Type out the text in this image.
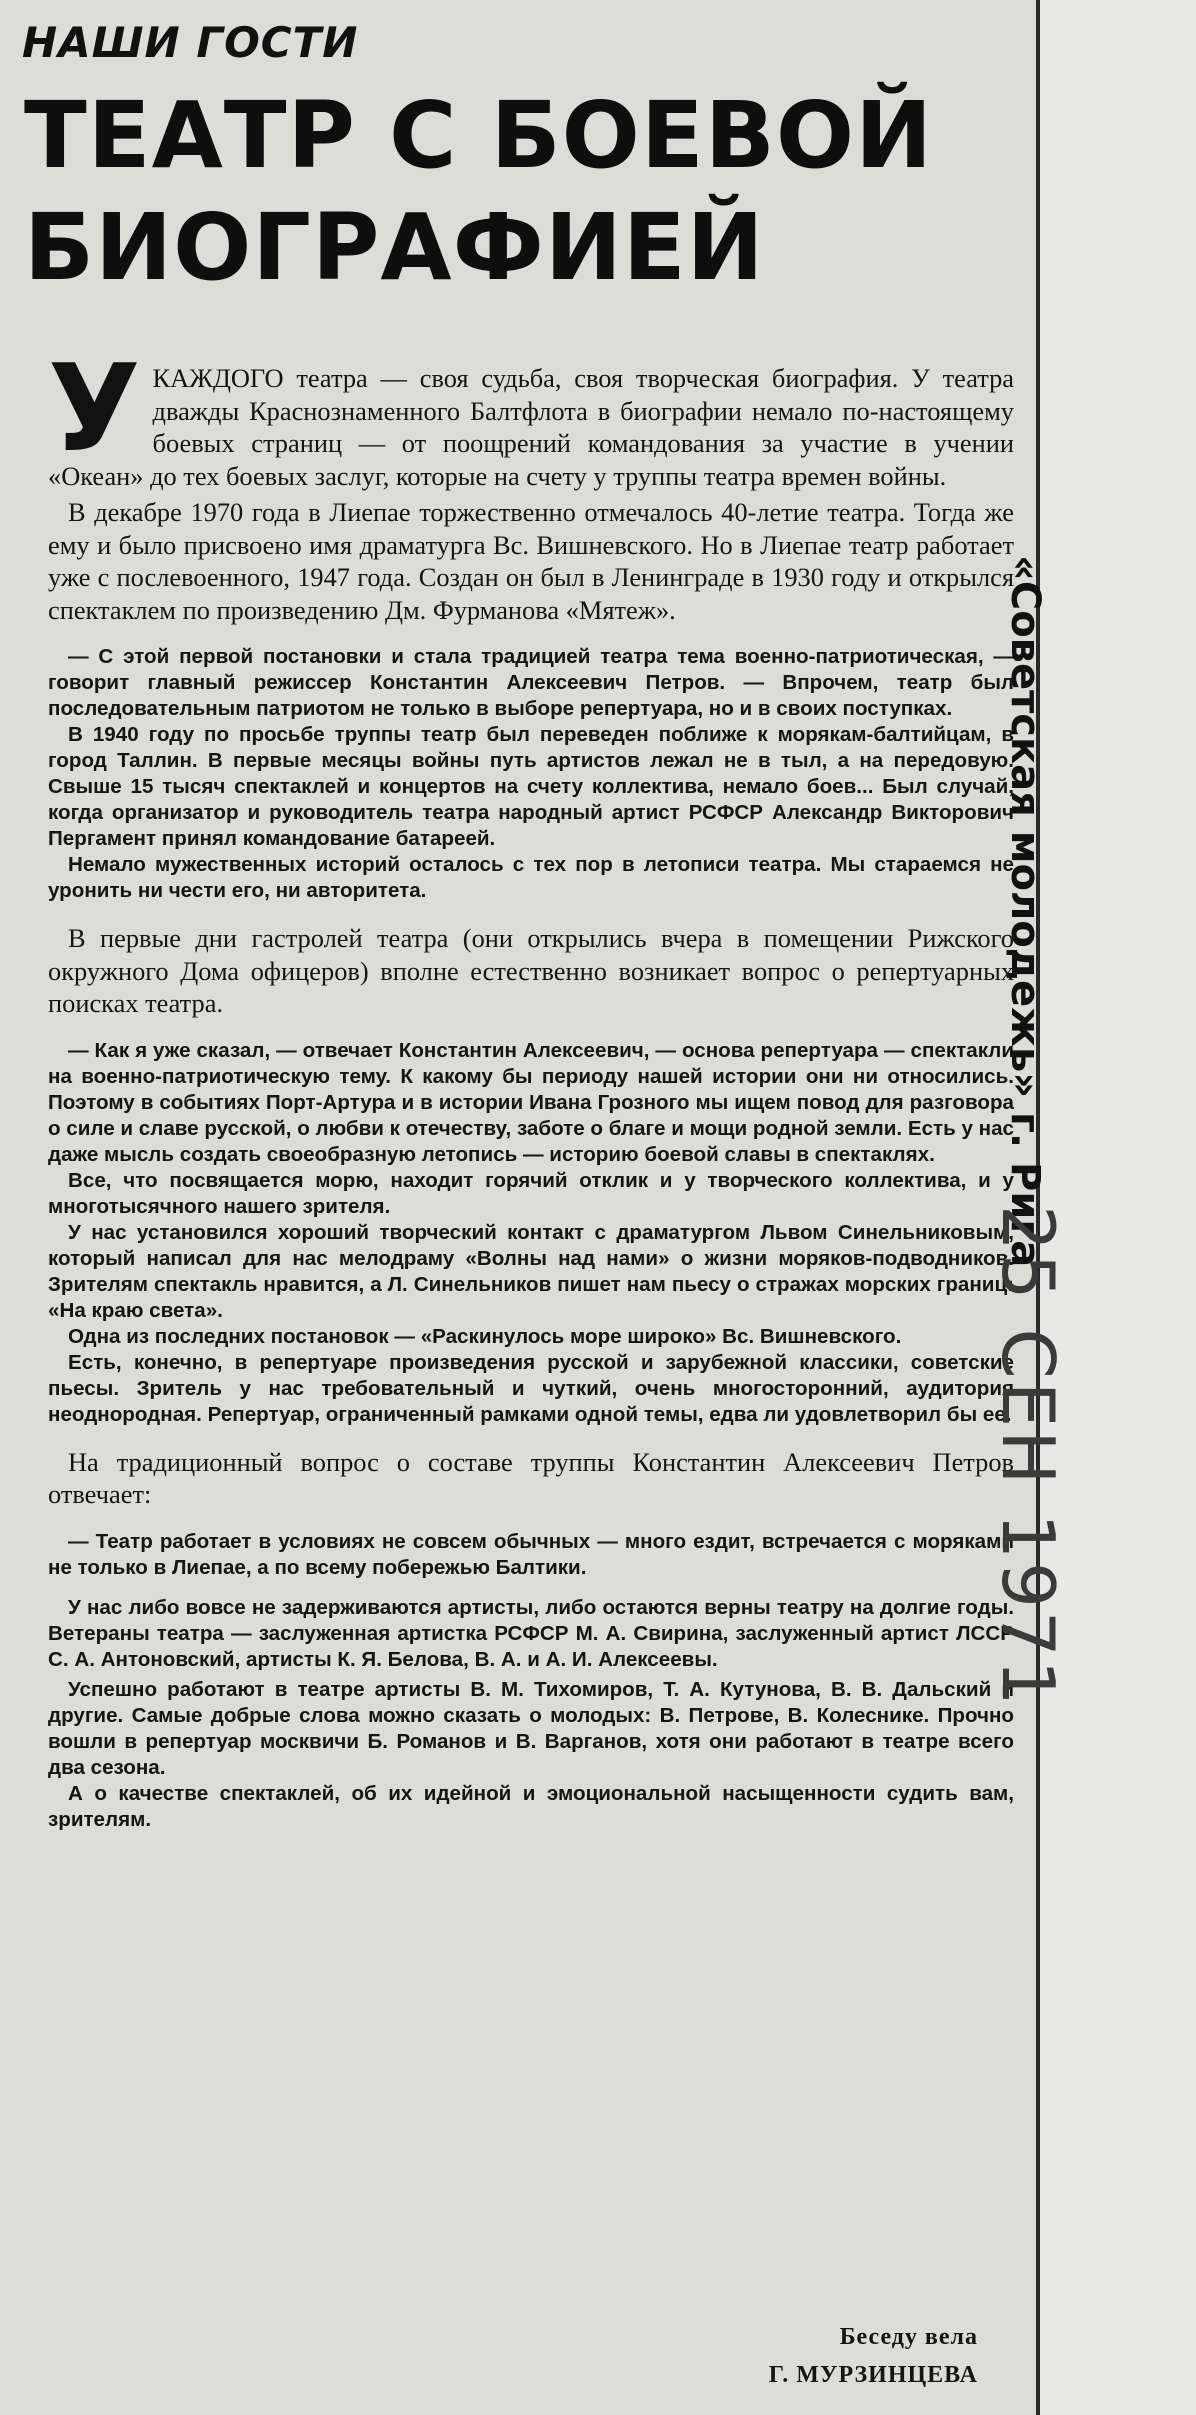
НАШИ ГОСТИ
ТЕАТР С БОЕВОЙ БИОГРАФИЕЙ
У КАЖДОГО театра — своя судьба, своя творческая биография. У театра дважды Краснознаменного Балтфлота в биографии немало по-настоящему боевых страниц — от поощрений командования за участие в учении «Океан» до тех боевых заслуг, которые на счету у труппы театра времен войны.

В декабре 1970 года в Лиепае торжественно отмечалось 40-летие театра. Тогда же ему и было присвоено имя драматурга Вс. Вишневского. Но в Лиепае театр работает уже с послевоенного, 1947 года. Создан он был в Ленинграде в 1930 году и открылся спектаклем по произведению Дм. Фурманова «Мятеж».

— С этой первой постановки и стала традицией театра тема военно-патриотическая, — говорит главный режиссер Константин Алексеевич Петров. — Впрочем, театр был последовательным патриотом не только в выборе репертуара, но и в своих поступках.

В 1940 году по просьбе труппы театр был переведен поближе к морякам-балтийцам, в город Таллин. В первые месяцы войны путь артистов лежал не в тыл, а на передовую. Свыше 15 тысяч спектаклей и концертов на счету коллектива, немало боев... Был случай, когда организатор и руководитель театра народный артист РСФСР Александр Викторович Пергамент принял командование батареей.

Немало мужественных историй осталось с тех пор в летописи театра. Мы стараемся не уронить ни чести его, ни авторитета.

В первые дни гастролей театра (они открылись вчера в помещении Рижского окружного Дома офицеров) вполне естественно возникает вопрос о репертуарных поисках театра.

— Как я уже сказал, — отвечает Константин Алексеевич, — основа репертуара — спектакли на военно-патриотическую тему. К какому бы периоду нашей истории они ни относились. Поэтому в событиях Порт-Артура и в истории Ивана Грозного мы ищем повод для разговора о силе и славе русской, о любви к отечеству, заботе о благе и мощи родной земли. Есть у нас даже мысль создать своеобразную летопись — историю боевой славы в спектаклях.

Все, что посвящается морю, находит горячий отклик и у творческого коллектива, и у многотысячного нашего зрителя.

У нас установился хороший творческий контакт с драматургом Львом Синельниковым, который написал для нас мелодраму «Волны над нами» о жизни моряков-подводников. Зрителям спектакль нравится, а Л. Синельников пишет нам пьесу о стражах морских границ: «На краю света».

Одна из последних постановок — «Раскинулось море широко» Вс. Вишневского.

Есть, конечно, в репертуаре произведения русской и зарубежной классики, советские пьесы. Зритель у нас требовательный и чуткий, очень многосторонний, аудитория неоднородная. Репертуар, ограниченный рамками одной темы, едва ли удовлетворил бы ее.

На традиционный вопрос о составе труппы Константин Алексеевич Петров отвечает:

— Театр работает в условиях не совсем обычных — много ездит, встречается с моряками не только в Лиепае, а по всему побережью Балтики.

У нас либо вовсе не задерживаются артисты, либо остаются верны театру на долгие годы. Ветераны театра — заслуженная артистка РСФСР М. А. Свирина, заслуженный артист ЛССР С. А. Антоновский, артисты К. Я. Белова, В. А. и А. И. Алексеевы.

Успешно работают в театре артисты В. М. Тихомиров, Т. А. Кутунова, В. В. Дальский и другие. Самые добрые слова можно сказать о молодых: В. Петрове, В. Колеснике. Прочно вошли в репертуар москвичи Б. Романов и В. Варганов, хотя они работают в театре всего два сезона.

А о качестве спектаклей, об их идейной и эмоциональной насыщенности судить вам, зрителям.

Беседу вела
Г. МУРЗИНЦЕВА
«Советская молодежь» г. Рига
25 СЕН 1971
